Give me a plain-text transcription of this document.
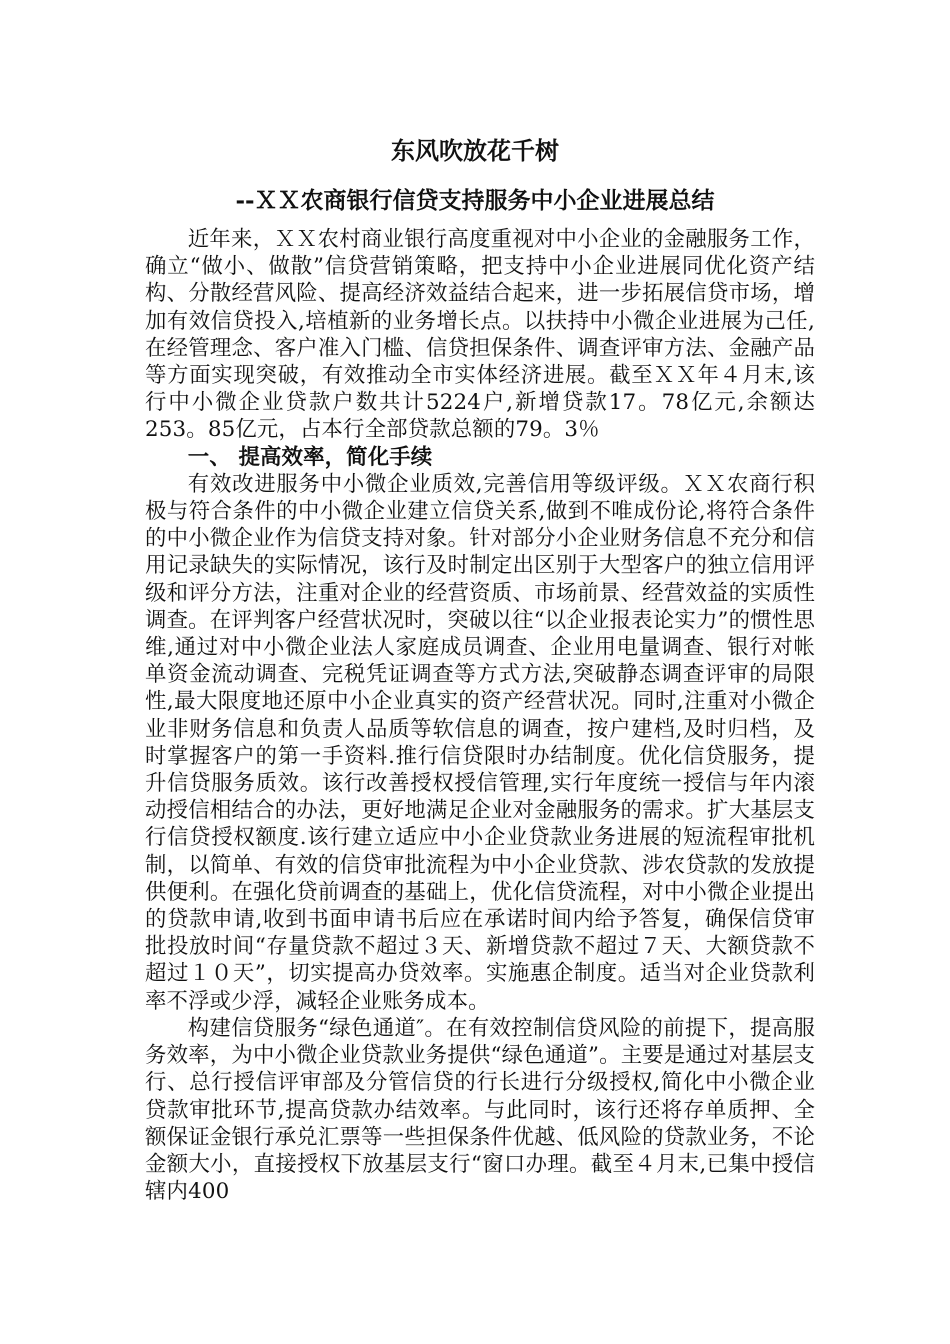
东风吹放花千树
--ＸＸ农商银行信贷支持服务中小企业进展总结

近年来，ＸＸ农村商业银行高度重视对中小企业的金融服务工作，确立“做小、做散”信贷营销策略，把支持中小企业进展同优化资产结构、分散经营风险、提高经济效益结合起来，进一步拓展信贷市场，增加有效信贷投入,培植新的业务增长点。以扶持中小微企业进展为己任,在经管理念、客户准入门槛、信贷担保条件、调查评审方法、金融产品等方面实现突破，有效推动全市实体经济进展。截至ＸＸ年４月末,该行中小微企业贷款户数共计5224户,新增贷款17。78亿元,余额达253。85亿元，占本行全部贷款总额的79。3％

一、 提高效率，简化手续

有效改进服务中小微企业质效,完善信用等级评级。ＸＸ农商行积极与符合条件的中小微企业建立信贷关系,做到不唯成份论,将符合条件的中小微企业作为信贷支持对象。针对部分小企业财务信息不充分和信用记录缺失的实际情况，该行及时制定出区别于大型客户的独立信用评级和评分方法，注重对企业的经营资质、市场前景、经营效益的实质性调查。在评判客户经营状况时，突破以往“以企业报表论实力”的惯性思维,通过对中小微企业法人家庭成员调查、企业用电量调查、银行对帐单资金流动调查、完税凭证调查等方式方法,突破静态调查评审的局限性,最大限度地还原中小企业真实的资产经营状况。同时,注重对小微企业非财务信息和负责人品质等软信息的调查，按户建档,及时归档，及时掌握客户的第一手资料.推行信贷限时办结制度。优化信贷服务，提升信贷服务质效。该行改善授权授信管理,实行年度统一授信与年内滚动授信相结合的办法，更好地满足企业对金融服务的需求。扩大基层支行信贷授权额度.该行建立适应中小企业贷款业务进展的短流程审批机制，以简单、有效的信贷审批流程为中小企业贷款、涉农贷款的发放提供便利。在强化贷前调查的基础上，优化信贷流程，对中小微企业提出的贷款申请,收到书面申请书后应在承诺时间内给予答复，确保信贷审批投放时间“存量贷款不超过３天、新增贷款不超过７天、大额贷款不超过１０天”，切实提高办贷效率。实施惠企制度。适当对企业贷款利率不浮或少浮，减轻企业账务成本。

构建信贷服务“绿色通道″。在有效控制信贷风险的前提下，提高服务效率，为中小微企业贷款业务提供“绿色通道”。主要是通过对基层支行、总行授信评审部及分管信贷的行长进行分级授权,简化中小微企业贷款审批环节,提高贷款办结效率。与此同时，该行还将存单质押、全额保证金银行承兑汇票等一些担保条件优越、低风险的贷款业务，不论金额大小，直接授权下放基层支行“窗口办理。截至４月末,已集中授信辖内400
